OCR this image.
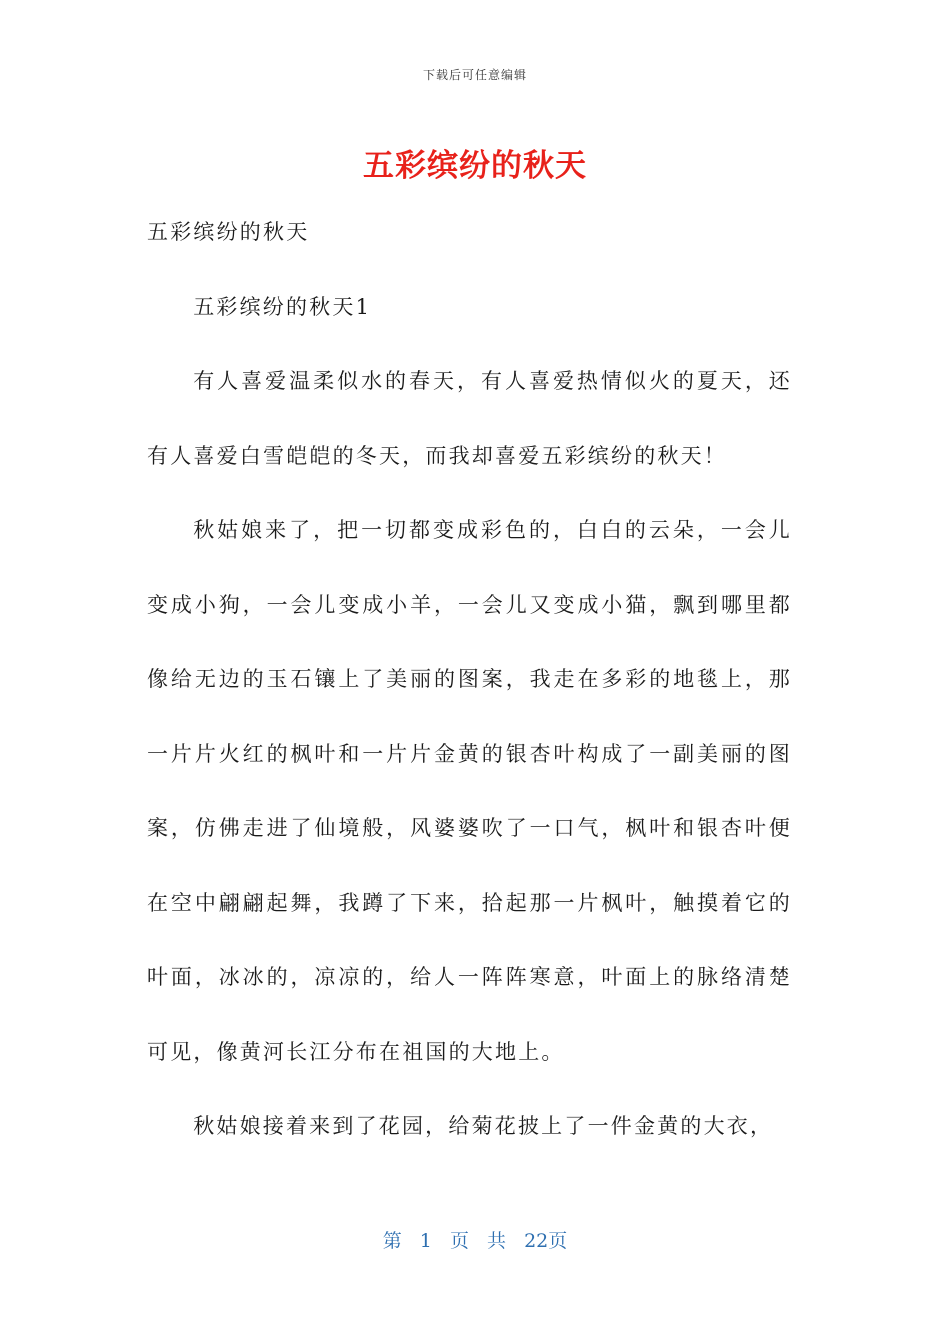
下载后可任意编辑
五彩缤纷的秋天

五彩缤纷的秋天

五彩缤纷的秋天1

有人喜爱温柔似水的春天，有人喜爱热情似火的夏天，还有人喜爱白雪皑皑的冬天，而我却喜爱五彩缤纷的秋天！

秋姑娘来了，把一切都变成彩色的，白白的云朵，一会儿变成小狗，一会儿变成小羊，一会儿又变成小猫，飘到哪里都像给无边的玉石镶上了美丽的图案，我走在多彩的地毯上，那一片片火红的枫叶和一片片金黄的银杏叶构成了一副美丽的图案，仿佛走进了仙境般，风婆婆吹了一口气，枫叶和银杏叶便在空中翩翩起舞，我蹲了下来，拾起那一片枫叶，触摸着它的叶面，冰冰的，凉凉的，给人一阵阵寒意，叶面上的脉络清楚可见，像黄河长江分布在祖国的大地上。

秋姑娘接着来到了花园，给菊花披上了一件金黄的大衣，

第 1 页 共 22页
